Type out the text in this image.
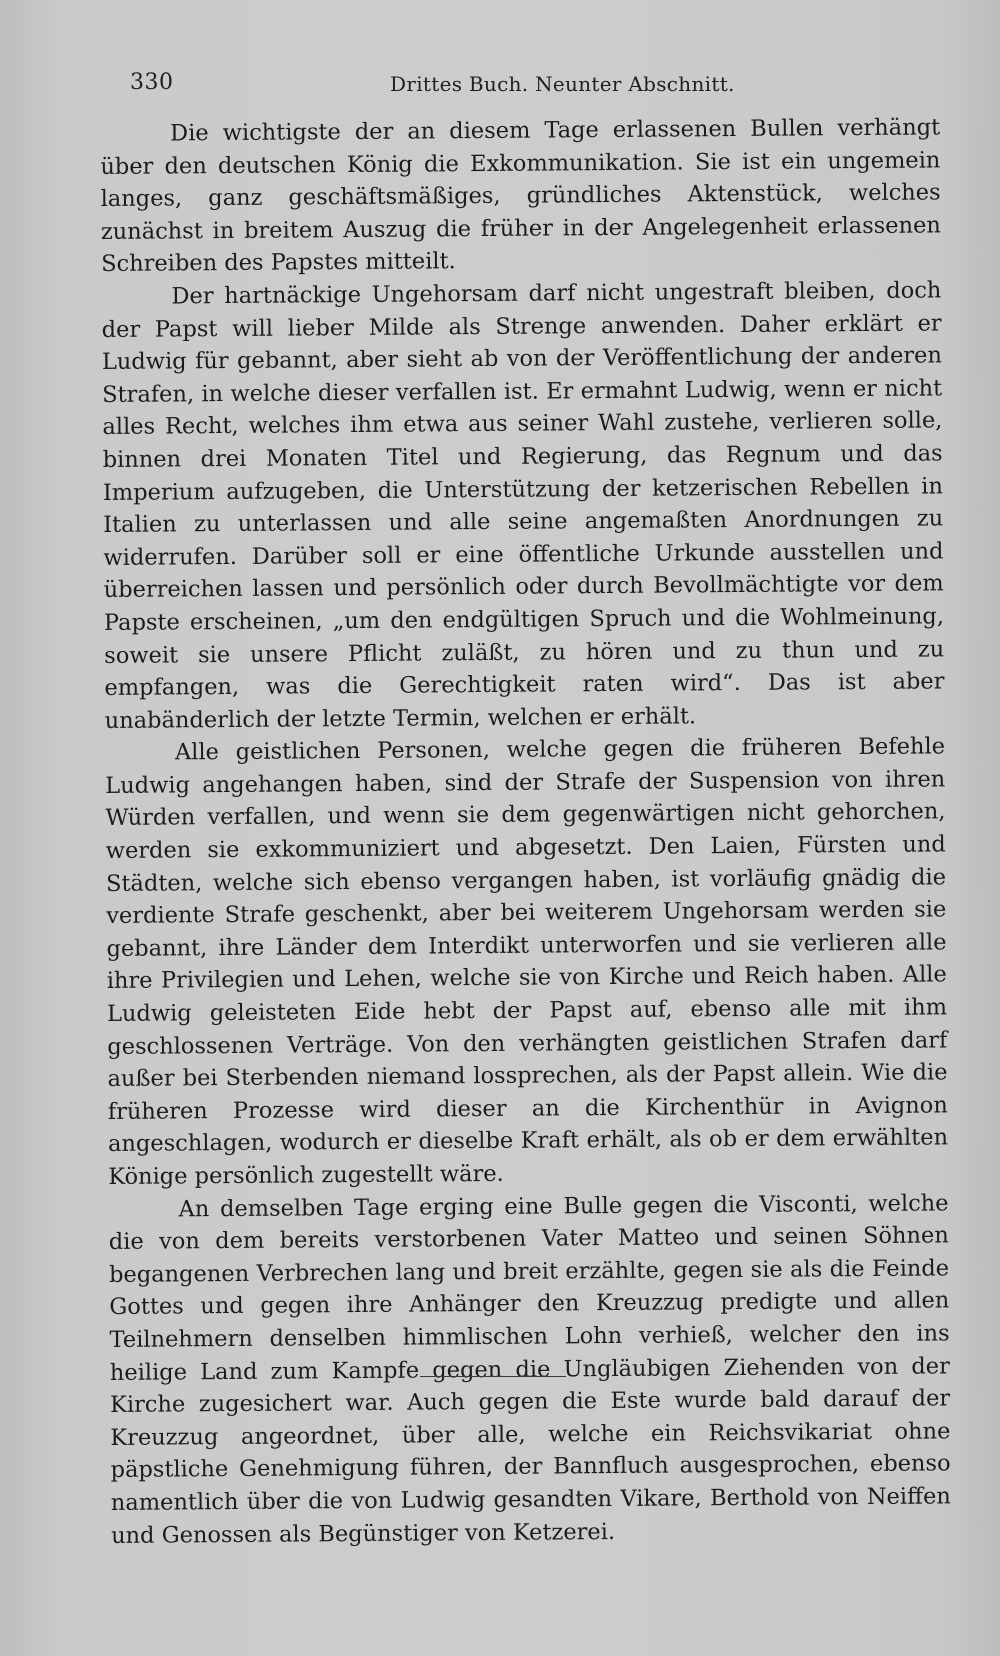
330	Drittes Buch. Neunter Abschnitt.

Die wichtigste der an diesem Tage erlassenen Bullen verhängt über den deutschen König die Exkommunikation. Sie ist ein ungemein langes, ganz geschäftsmäßiges, gründliches Aktenstück, welches zunächst in breitem Auszug die früher in der Angelegenheit erlassenen Schreiben des Papstes mitteilt.

Der hartnäckige Ungehorsam darf nicht ungestraft bleiben, doch der Papst will lieber Milde als Strenge anwenden. Daher erklärt er Ludwig für gebannt, aber sieht ab von der Veröffentlichung der anderen Strafen, in welche dieser verfallen ist. Er ermahnt Ludwig, wenn er nicht alles Recht, welches ihm etwa aus seiner Wahl zustehe, verlieren solle, binnen drei Monaten Titel und Regierung, das Regnum und das Imperium aufzugeben, die Unterstützung der ketzerischen Rebellen in Italien zu unterlassen und alle seine angemaßten Anordnungen zu widerrufen. Darüber soll er eine öffentliche Urkunde ausstellen und überreichen lassen und persönlich oder durch Bevollmächtigte vor dem Papste erscheinen, „um den endgültigen Spruch und die Wohlmeinung, soweit sie unsere Pflicht zuläßt, zu hören und zu thun und zu empfangen, was die Gerechtigkeit raten wird“. Das ist aber unabänderlich der letzte Termin, welchen er erhält.

Alle geistlichen Personen, welche gegen die früheren Befehle Ludwig angehangen haben, sind der Strafe der Suspension von ihren Würden verfallen, und wenn sie dem gegenwärtigen nicht gehorchen, werden sie exkommuniziert und abgesetzt. Den Laien, Fürsten und Städten, welche sich ebenso vergangen haben, ist vorläufig gnädig die verdiente Strafe geschenkt, aber bei weiterem Ungehorsam werden sie gebannt, ihre Länder dem Interdikt unterworfen und sie verlieren alle ihre Privilegien und Lehen, welche sie von Kirche und Reich haben. Alle Ludwig geleisteten Eide hebt der Papst auf, ebenso alle mit ihm geschlossenen Verträge. Von den verhängten geistlichen Strafen darf außer bei Sterbenden niemand lossprechen, als der Papst allein. Wie die früheren Prozesse wird dieser an die Kirchenthür in Avignon angeschlagen, wodurch er dieselbe Kraft erhält, als ob er dem erwählten Könige persönlich zugestellt wäre.

An demselben Tage erging eine Bulle gegen die Visconti, welche die von dem bereits verstorbenen Vater Matteo und seinen Söhnen begangenen Verbrechen lang und breit erzählte, gegen sie als die Feinde Gottes und gegen ihre Anhänger den Kreuzzug predigte und allen Teilnehmern denselben himmlischen Lohn verhieß, welcher den ins heilige Land zum Kampfe gegen die Ungläubigen Ziehenden von der Kirche zugesichert war. Auch gegen die Este wurde bald darauf der Kreuzzug angeordnet, über alle, welche ein Reichsvikariat ohne päpstliche Genehmigung führen, der Bannfluch ausgesprochen, ebenso namentlich über die von Ludwig gesandten Vikare, Berthold von Neiffen und Genossen als Begünstiger von Ketzerei.
